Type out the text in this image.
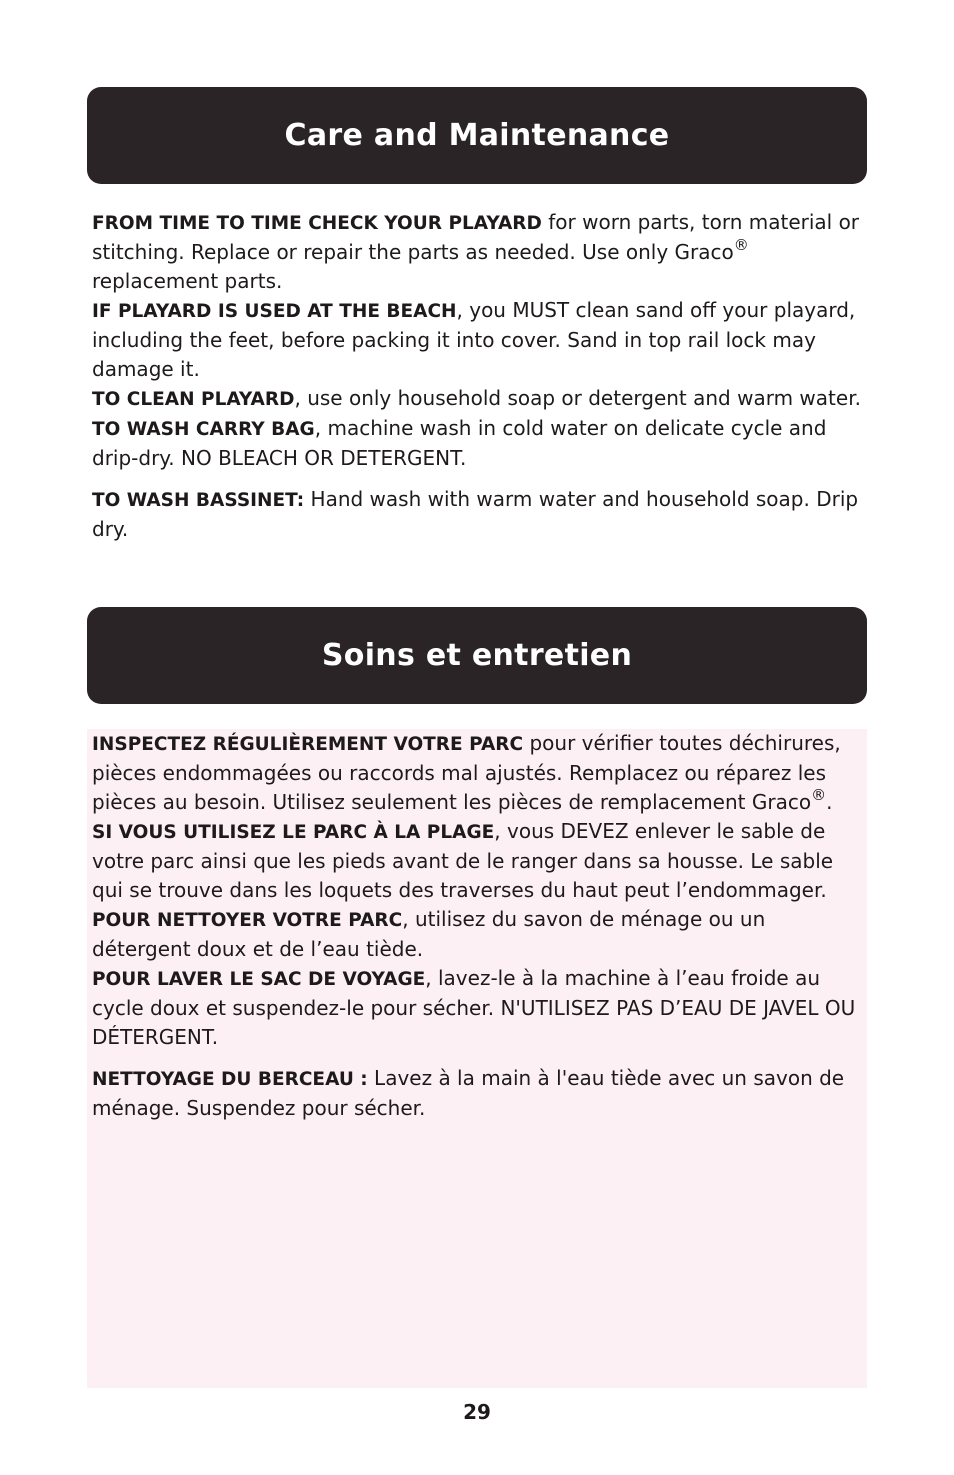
Care and Maintenance

FROM TIME TO TIME CHECK YOUR PLAYARD for worn parts, torn material or stitching. Replace or repair the parts as needed. Use only Graco® replacement parts.

IF PLAYARD IS USED AT THE BEACH, you MUST clean sand off your playard, including the feet, before packing it into cover. Sand in top rail lock may damage it.

TO CLEAN PLAYARD, use only household soap or detergent and warm water.

TO WASH CARRY BAG, machine wash in cold water on delicate cycle and drip-dry. NO BLEACH OR DETERGENT.

TO WASH BASSINET: Hand wash with warm water and household soap. Drip dry.

Soins et entretien

INSPECTEZ RÉGULIÈREMENT VOTRE PARC pour vérifier toutes déchirures, pièces endommagées ou raccords mal ajustés. Remplacez ou réparez les pièces au besoin. Utilisez seulement les pièces de remplacement Graco®.

SI VOUS UTILISEZ LE PARC À LA PLAGE, vous DEVEZ enlever le sable de votre parc ainsi que les pieds avant de le ranger dans sa housse. Le sable qui se trouve dans les loquets des traverses du haut peut l’endommager.

POUR NETTOYER VOTRE PARC, utilisez du savon de ménage ou un détergent doux et de l’eau tiède.

POUR LAVER LE SAC DE VOYAGE, lavez-le à la machine à l’eau froide au cycle doux et suspendez-le pour sécher. N'UTILISEZ PAS D’EAU DE JAVEL OU DÉTERGENT.

NETTOYAGE DU BERCEAU : Lavez à la main à l'eau tiède avec un savon de ménage. Suspendez pour sécher.

29
